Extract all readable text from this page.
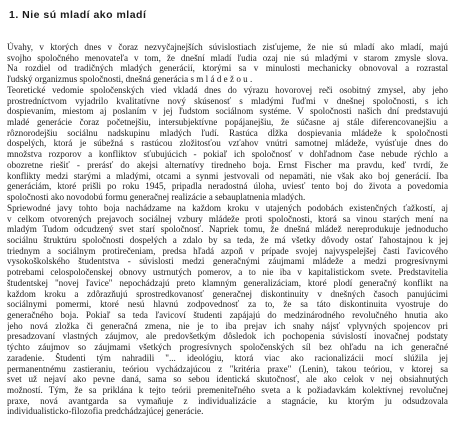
1. Nie sú mladí ako mladí
Úvahy, v ktorých dnes v čoraz nezvyčajnejších súvislostiach zisťujeme, že nie sú mladí ako mladí, majú
svojho spoločného menovateľa v tom, že dnešní mladí ľudia ozaj nie sú mladými v starom zmysle slova.
Na rozdiel od tradičných mladých generácií, ktorými sa v minulosti mechanicky obnovoval a rozrastal
ľudský organizmus spoločnosti, dnešná generácia s m l á d e ž o u .
Teoretické vedomie spoločenských vied vkladá dnes do výrazu hovorovej reči osobitný zmysel, aby jeho
prostredníctvom vyjadrilo kvalitatívne nový skúsenosť s mladými ľuďmi v dnešnej spoločnosti, s ich
dospievaním, miestom aj poslaním v jej ľudstom sociálnom systéme. V spoločnosti našich dní predstavujú
mladé generácie čoraz početnejšiu, intersubjektívne popájanejšiu, že súčasne aj stále diferencovanejšiu a
rôznorodejšiu sociálnu nadskupinu mladých ľudí. Rastúca dĺžka dospievania mládeže k spoločnosti
dospelých, ktorá je súbežná s rastúcou zložitosťou vzťahov vnútri samotnej mládeže, vyúsťuje dnes do
množstva rozporov a konfliktov sťubujúcich - pokiaľ ich spoločnosť v dohľadnom čase nebude rýchlo a
obozretne riešiť - prerásť do akejsi alternatívy tiredneho boja. Ernst Fischer ma pravdu, keď tvrdí, že
konflikty medzi starými a mladými, otcami a synmi jestvovali od nepamäti, nie však ako boj generácií. Iba
generáciám, ktoré prišli po roku 1945, pripadla neradostná úloha, uviesť tento boj do života a povedomia
spoločnosti ako novodobú formu generačnej realizácie a sebauplatnenia mladých.
Spriewodné javy tohto boja nachádzame na každom kroku v utajených podobách existenčných ťažkostí, aj
v celkom otvorených prejavoch sociálnej vzbury mládeže proti spoločnosti, ktorá sa vinou starých mení na
mladým Tudom odcudzený svet starí spoločnosť. Napriek tomu, že dnešná mládež nereprodukuje jednoducho
sociálnu štruktúru spoločnosti dospelých a zdalo by sa teda, že má všetky dôvody ostať ľahostajnou k jej
triednym a sociálnym protirečeniam, predsa hľadá azpoň v prípade svojej najvyspelejšej časti ľavicového
vysokoškolského študentstva - súvislosti medzi generačnými záujmami mládeže a medzi progresívnymi
potrebami celospoločenskej obnovy ustrnutých pomerov, a to nie iba v kapitalistickom svete. Predstavitelia
študentskej "novej ľavice" nepochádzajú preto klamným generalizáciam, ktoré plodí generačný konflikt na
každom kroku a zdôrazňujú sprostredkovanosť generačnej diskontinuity v dnešných časoch panujúcimi
sociálnymi pomermi, ktoré nesú hlavnú zodpovednosť za to, že sa táto diskontinuita vyostruje do
generačného boja. Pokiaľ sa teda ľavicoví študenti zapájajú do medzinárodného revolučného hnutia ako
jeho nová zložka či generačná zmena, nie je to iba prejav ich snahy nájsť vplyvných spojencov pri
presadzovaní vlastných záujmov, ale predovšetkým dôsledok ich pochopenia súvislostí inovačnej podstaty
týchto záujmov so záujmami všetkých progresívnych spoločenských síl bez ohľadu na ich generačné
zaradenie. Študenti tým nahradili "... ideológiu, ktorá viac ako racionalizácii mocí slúžila jej
permanentnému zastieraniu, teóriou vychádzajúcou z "kritéria praxe" (Lenin), takou teóriou, v ktorej sa
svet už nejaví ako pevne daná, sama so sebou identická skutočnosť, ale ako celok v nej obsiahnutých
možností. Tým, že sa priklána k tejto teórii premeniteľného sveta a k požiadavkám kolektívnej revolučnej
praxe, nová avantgarda sa vymaňuje z individualizácie a stagnácie, ku ktorým ju odsudzovala
individualisticko-filozofia predchádzajúcej generácie.
